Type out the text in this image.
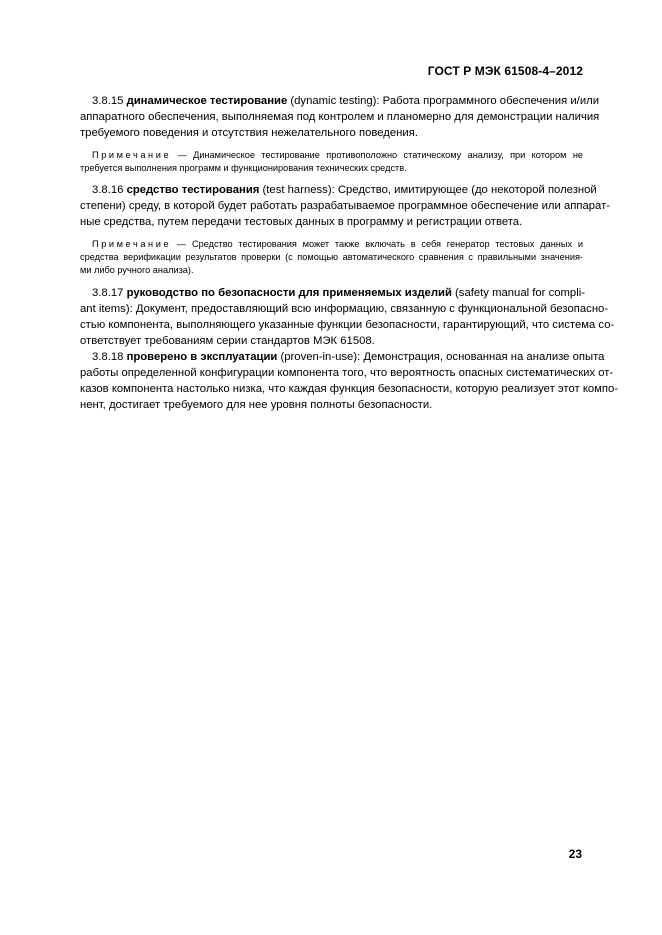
ГОСТ Р МЭК 61508-4–2012
3.8.15 динамическое тестирование (dynamic testing): Работа программного обеспечения и/или
аппаратного обеспечения, выполняемая под контролем и планомерно для демонстрации наличия
требуемого поведения и отсутствия нежелательного поведения.
Примечание — Динамическое тестирование противоположно статическому анализу, при котором не
требуется выполнения программ и функционирования технических средств.
3.8.16 средство тестирования (test harness): Средство, имитирующее (до некоторой полезной
степени) среду, в которой будет работать разрабатываемое программное обеспечение или аппарат-
ные средства, путем передачи тестовых данных в программу и регистрации ответа.
Примечание — Средство тестирования может также включать в себя генератор тестовых данных и
средства верификации результатов проверки (с помощью автоматического сравнения с правильными значения-
ми либо ручного анализа).
3.8.17 руководство по безопасности для применяемых изделий (safety manual for compli-
ant items): Документ, предоставляющий всю информацию, связанную с функциональной безопасно-
стью компонента, выполняющего указанные функции безопасности, гарантирующий, что система со-
ответствует требованиям серии стандартов МЭК 61508.
3.8.18 проверено в эксплуатации (proven-in-use): Демонстрация, основанная на анализе опыта
работы определенной конфигурации компонента того, что вероятность опасных систематических от-
казов компонента настолько низка, что каждая функция безопасности, которую реализует этот компо-
нент, достигает требуемого для нее уровня полноты безопасности.
23
